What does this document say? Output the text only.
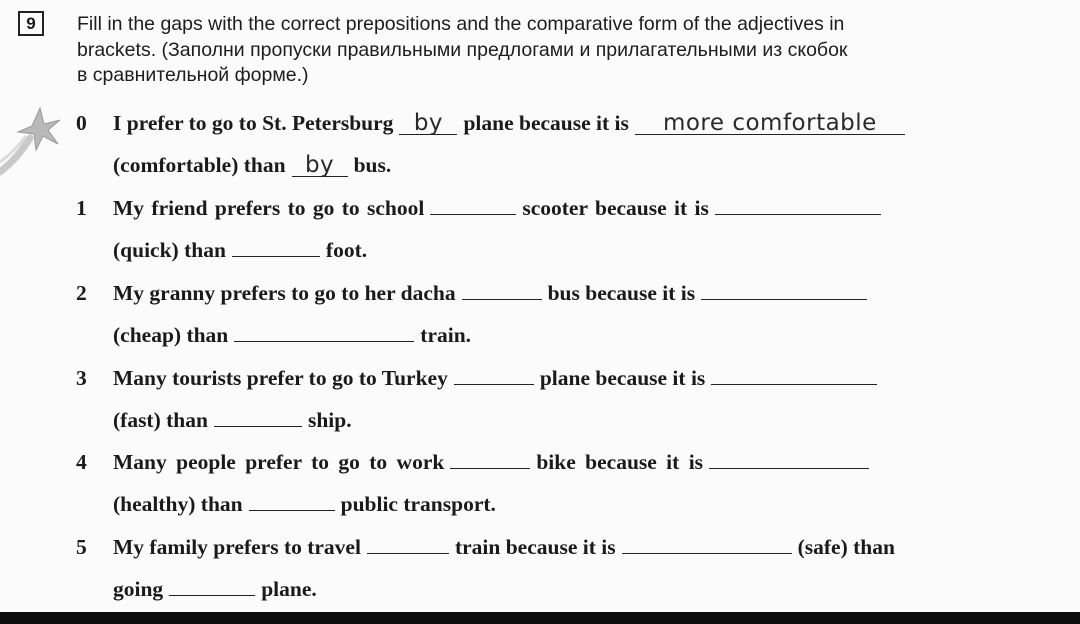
9	Fill in the gaps with the correct prepositions and the comparative form of the adjectives in
brackets. (Заполни пропуски правильными предлогами и прилагательными из скобок
в сравнительной форме.)
0 I prefer to go to St. Petersburg by plane because it is more comfortable
(comfortable) than by bus.
1 My friend prefers to go to school	scooter because it is
(quick) than	foot.
2 My granny prefers to go to her dacha	bus because it is
(cheap) than	train.
3 Many tourists prefer to go to Turkey	plane because it is
(fast) than	ship.
4 Many people prefer to go to work	bike because it is
(healthy) than	public transport.
5 My family prefers to travel	train because it is	(safe) than
going	plane.
